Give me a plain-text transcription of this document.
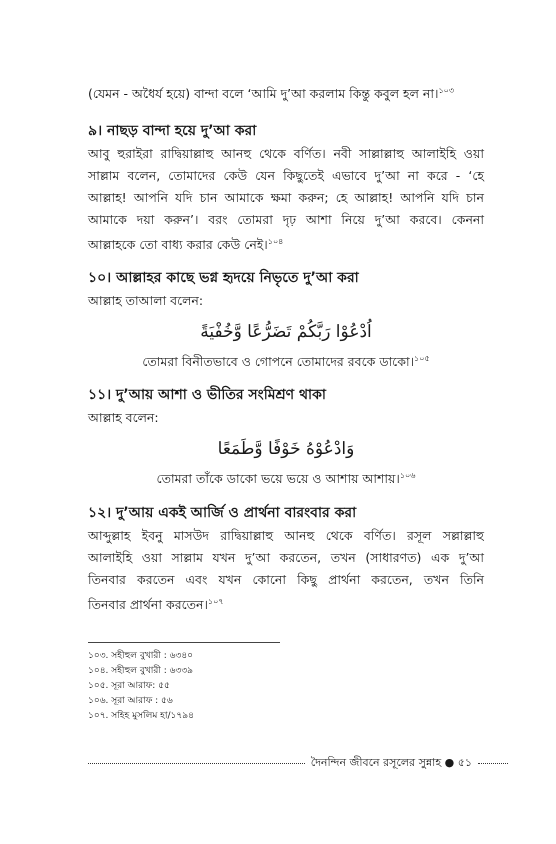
(যেমন - অধৈর্য হয়ে) বান্দা বলে ‘আমি দু’আ করলাম কিন্তু কবুল হল না।$^{১০৩}$
৯। নাছড় বান্দা হয়ে দু’আ করা
আবু হুরাইরা রাদ্বিয়াল্লাহু আনহু থেকে বর্ণিত। নবী সাল্লাল্লাহু আলাইহি ওয়া
সাল্লাম বলেন, তোমাদের কেউ যেন কিছুতেই এভাবে দু’আ না করে - ‘হে
আল্লাহ! আপনি যদি চান আমাকে ক্ষমা করুন; হে আল্লাহ! আপনি যদি চান
আমাকে দয়া করুন’। বরং তোমরা দৃঢ় আশা নিয়ে দু’আ করবে। কেননা
আল্লাহকে তো বাধ্য করার কেউ নেই।$^{১০৪}$
১০। আল্লাহর কাছে ভগ্ন হৃদয়ে নিভৃতে দু’আ করা
আল্লাহ তাআলা বলেন:
اُدْعُوْا رَبَّكُمْ تَضَرُّعًا وَّخُفْيَةً
তোমরা বিনীতভাবে ও গোপনে তোমাদের রবকে ডাকো।$^{১০৫}$
১১। দু’আয় আশা ও ভীতির সংমিশ্রণ থাকা
আল্লাহ বলেন:
وَادْعُوْهُ خَوْفًا وَّطَمَعًا
তোমরা তাঁকে ডাকো ভয়ে ভয়ে ও আশায় আশায়।$^{১০৬}$
১২। দু’আয় একই আর্জি ও প্রার্থনা বারংবার করা
আব্দুল্লাহ ইবনু মাসউদ রাদ্বিয়াল্লাহু আনহু থেকে বর্ণিত। রসূল সল্লাল্লাহু
আলাইহি ওয়া সাল্লাম যখন দু’আ করতেন, তখন (সাধারণত) এক দু’আ
তিনবার করতেন এবং যখন কোনো কিছু প্রার্থনা করতেন, তখন তিনি
তিনবার প্রার্থনা করতেন।$^{১০৭}$
১০৩. সহীহুল বুখারী : ৬৩৪০
১০৪. সহীহুল বুখারী : ৬৩৩৯
১০৫. সূরা আরাফ: ৫৫
১০৬. সূরা আরাফ : ৫৬
১০৭. সহিহ মুসলিম হা/১৭৯৪
দৈনন্দিন জীবনে রসূলের সুন্নাহ ● ৫১
